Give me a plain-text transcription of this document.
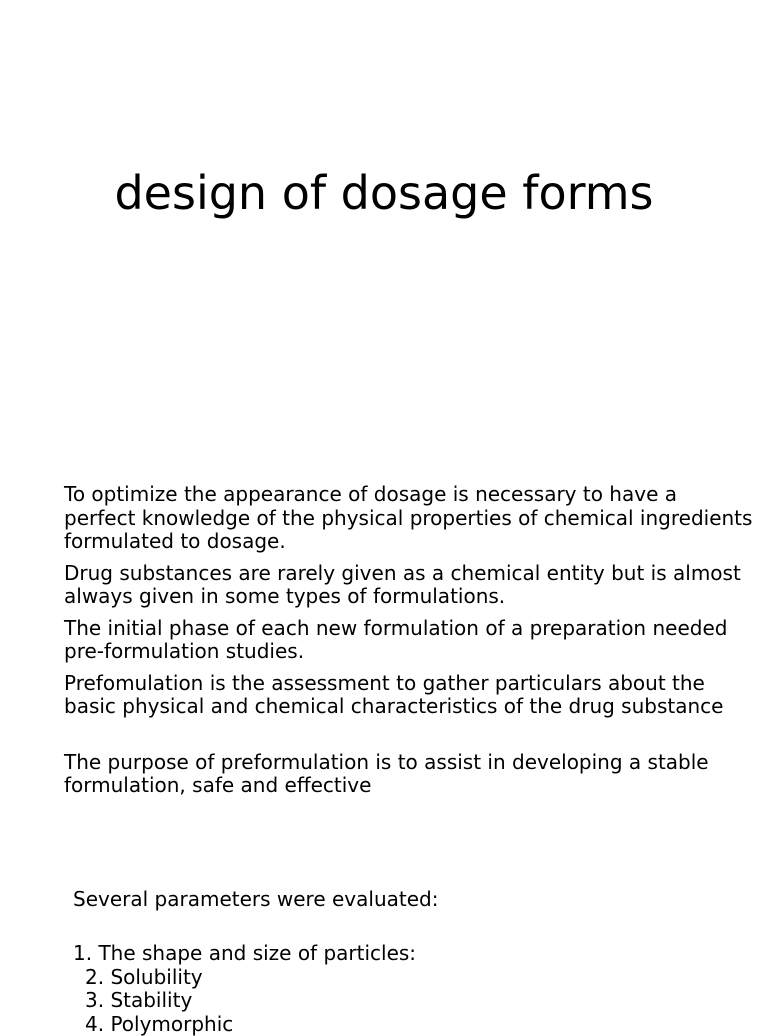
design of dosage forms

To optimize the appearance of dosage is necessary to have a perfect knowledge of the physical properties of chemical ingredients formulated to dosage.

Drug substances are rarely given as a chemical entity but is almost always given in some types of formulations.

The initial phase of each new formulation of a preparation needed pre-formulation studies.

Prefomulation is the assessment to gather particulars about the basic physical and chemical characteristics of the drug substance

The purpose of preformulation is to assist in developing a stable formulation, safe and effective

Several parameters were evaluated:

1. The shape and size of particles:
2. Solubility
3. Stability
4. Polymorphic
